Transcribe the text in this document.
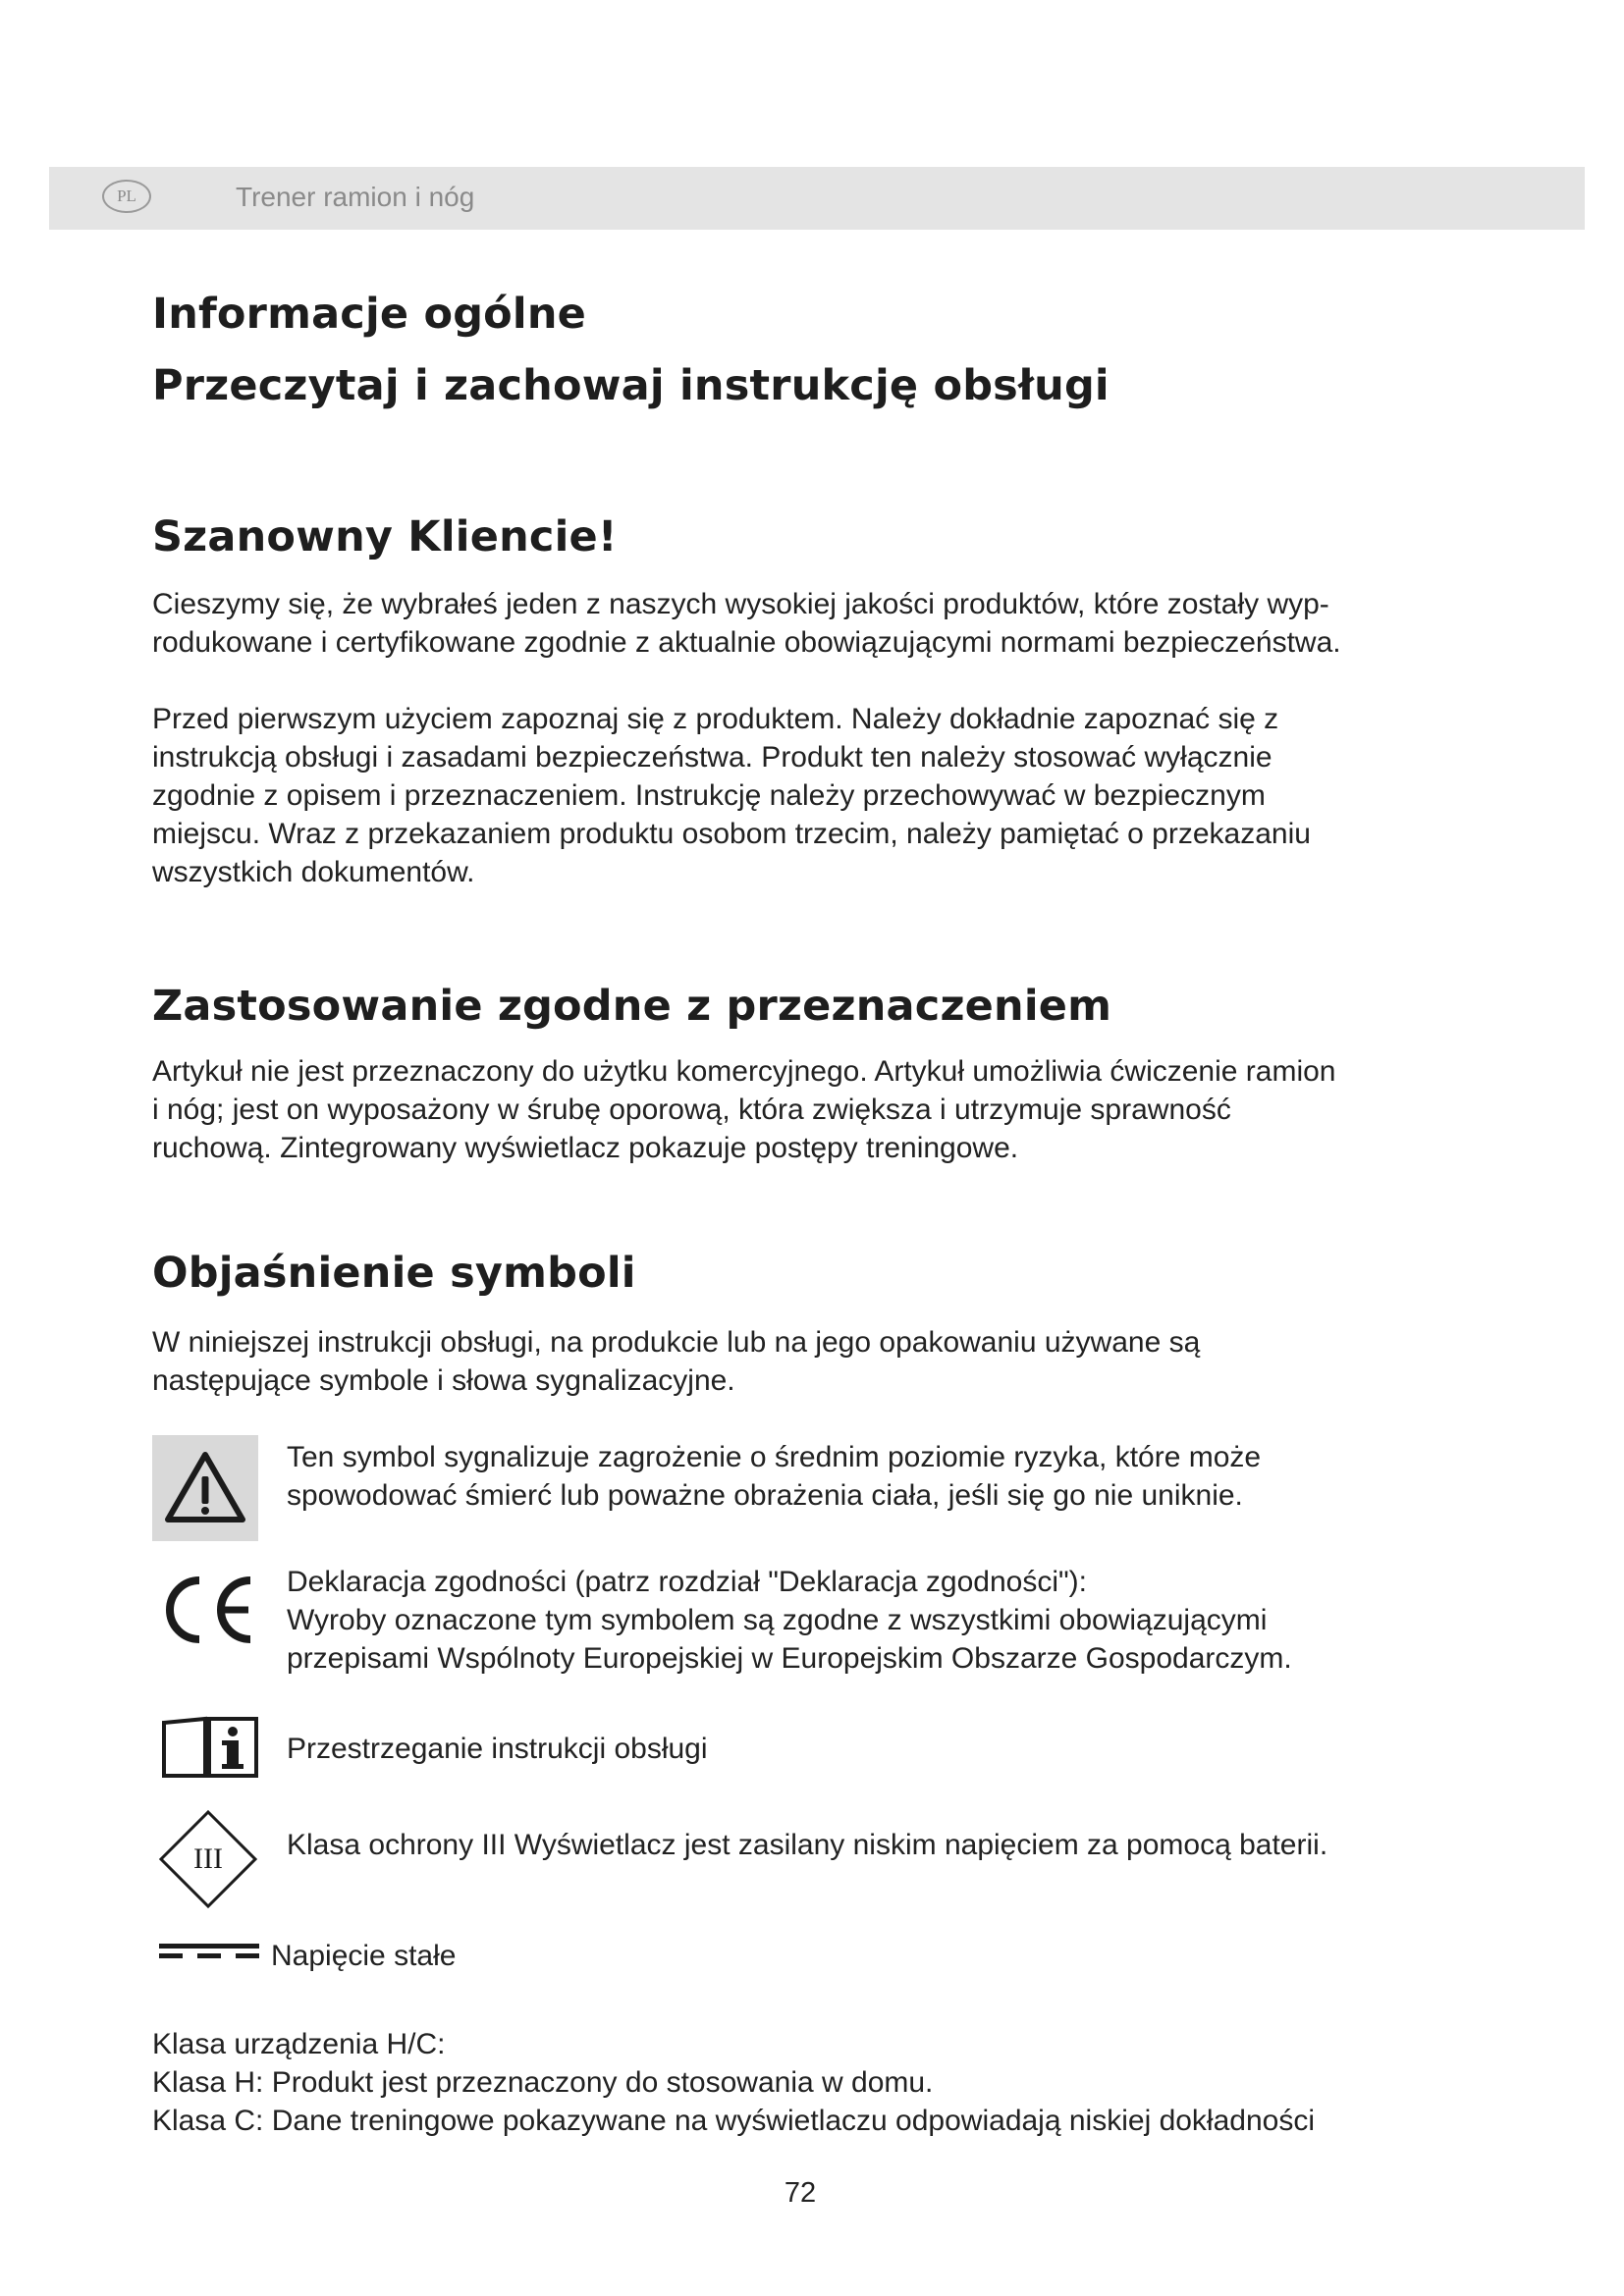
PL	Trener ramion i nóg
Informacje ogólne
Przeczytaj i zachowaj instrukcję obsługi
Szanowny Kliencie!

Cieszymy się, że wybrałeś jeden z naszych wysokiej jakości produktów, które zostały wyp-

rodukowane i certyfikowane zgodnie z aktualnie obowiązującymi normami bezpieczeństwa.

Przed pierwszym użyciem zapoznaj się z produktem. Należy dokładnie zapoznać się z

instrukcją obsługi i zasadami bezpieczeństwa. Produkt ten należy stosować wyłącznie

zgodnie z opisem i przeznaczeniem. Instrukcję należy przechowywać w bezpiecznym

miejscu. Wraz z przekazaniem produktu osobom trzecim, należy pamiętać o przekazaniu

wszystkich dokumentów.

Zastosowanie zgodne z przeznaczeniem

Artykuł nie jest przeznaczony do użytku komercyjnego. Artykuł umożliwia ćwiczenie ramion

i nóg; jest on wyposażony w śrubę oporową, która zwiększa i utrzymuje sprawność

ruchową. Zintegrowany wyświetlacz pokazuje postępy treningowe.

Objaśnienie symboli

W niniejszej instrukcji obsługi, na produkcie lub na jego opakowaniu używane są

następujące symbole i słowa sygnalizacyjne.

Ten symbol sygnalizuje zagrożenie o średnim poziomie ryzyka, które może

spowodować śmierć lub poważne obrażenia ciała, jeśli się go nie uniknie.

Deklaracja zgodności (patrz rozdział "Deklaracja zgodności"):

Wyroby oznaczone tym symbolem są zgodne z wszystkimi obowiązującymi

przepisami Wspólnoty Europejskiej w Europejskim Obszarze Gospodarczym.

Przestrzeganie instrukcji obsługi
III	Klasa ochrony III Wyświetlacz jest zasilany niskim napięciem za pomocą baterii.
Napięcie stałe

Klasa urządzenia H/C:

Klasa H: Produkt jest przeznaczony do stosowania w domu.

Klasa C: Dane treningowe pokazywane na wyświetlaczu odpowiadają niskiej dokładności

72
